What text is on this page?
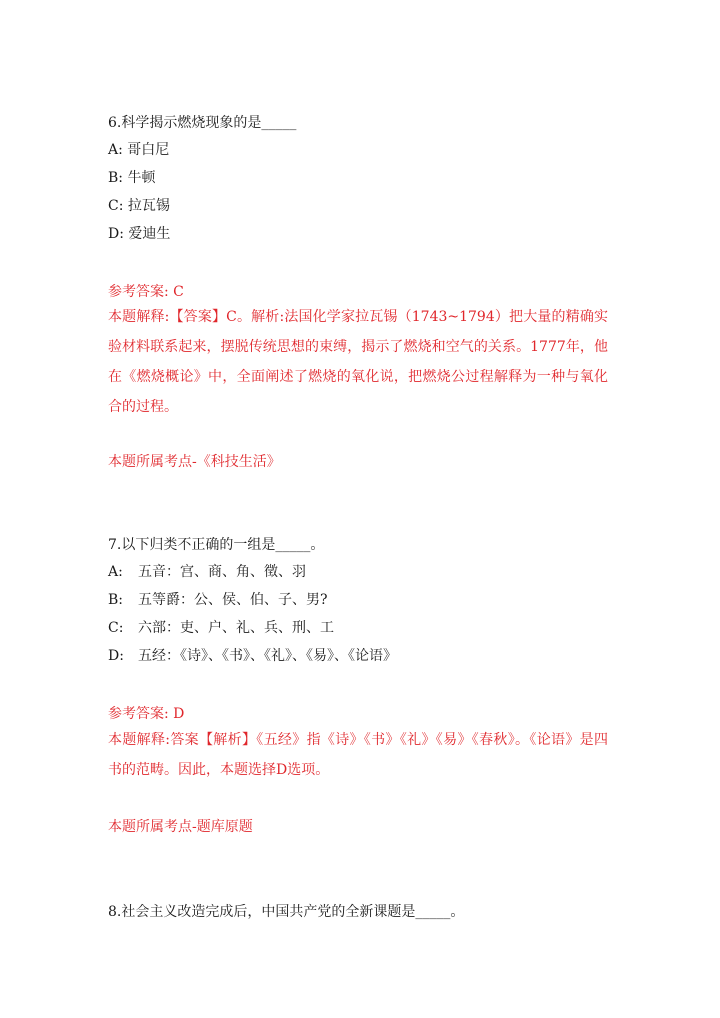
6.科学揭示燃烧现象的是_____
A: 哥白尼
B: 牛顿
C: 拉瓦锡
D: 爱迪生
参考答案: C
本题解释:【答案】C。解析:法国化学家拉瓦锡（1743~1794）把大量的精确实验材料联系起来，摆脱传统思想的束缚，揭示了燃烧和空气的关系。1777年，他在《燃烧概论》中，全面阐述了燃烧的氧化说，把燃烧公过程解释为一种与氧化合的过程。
本题所属考点-《科技生活》
7.以下归类不正确的一组是_____。
A: 五音：宫、商、角、徵、羽
B: 五等爵：公、侯、伯、子、男?
C: 六部：吏、户、礼、兵、刑、工
D: 五经：《诗》、《书》、《礼》、《易》、《论语》
参考答案: D
本题解释:答案【解析】《五经》指《诗》《书》《礼》《易》《春秋》。《论语》是四书的范畴。因此，本题选择D选项。
本题所属考点-题库原题
8.社会主义改造完成后，中国共产党的全新课题是_____。
